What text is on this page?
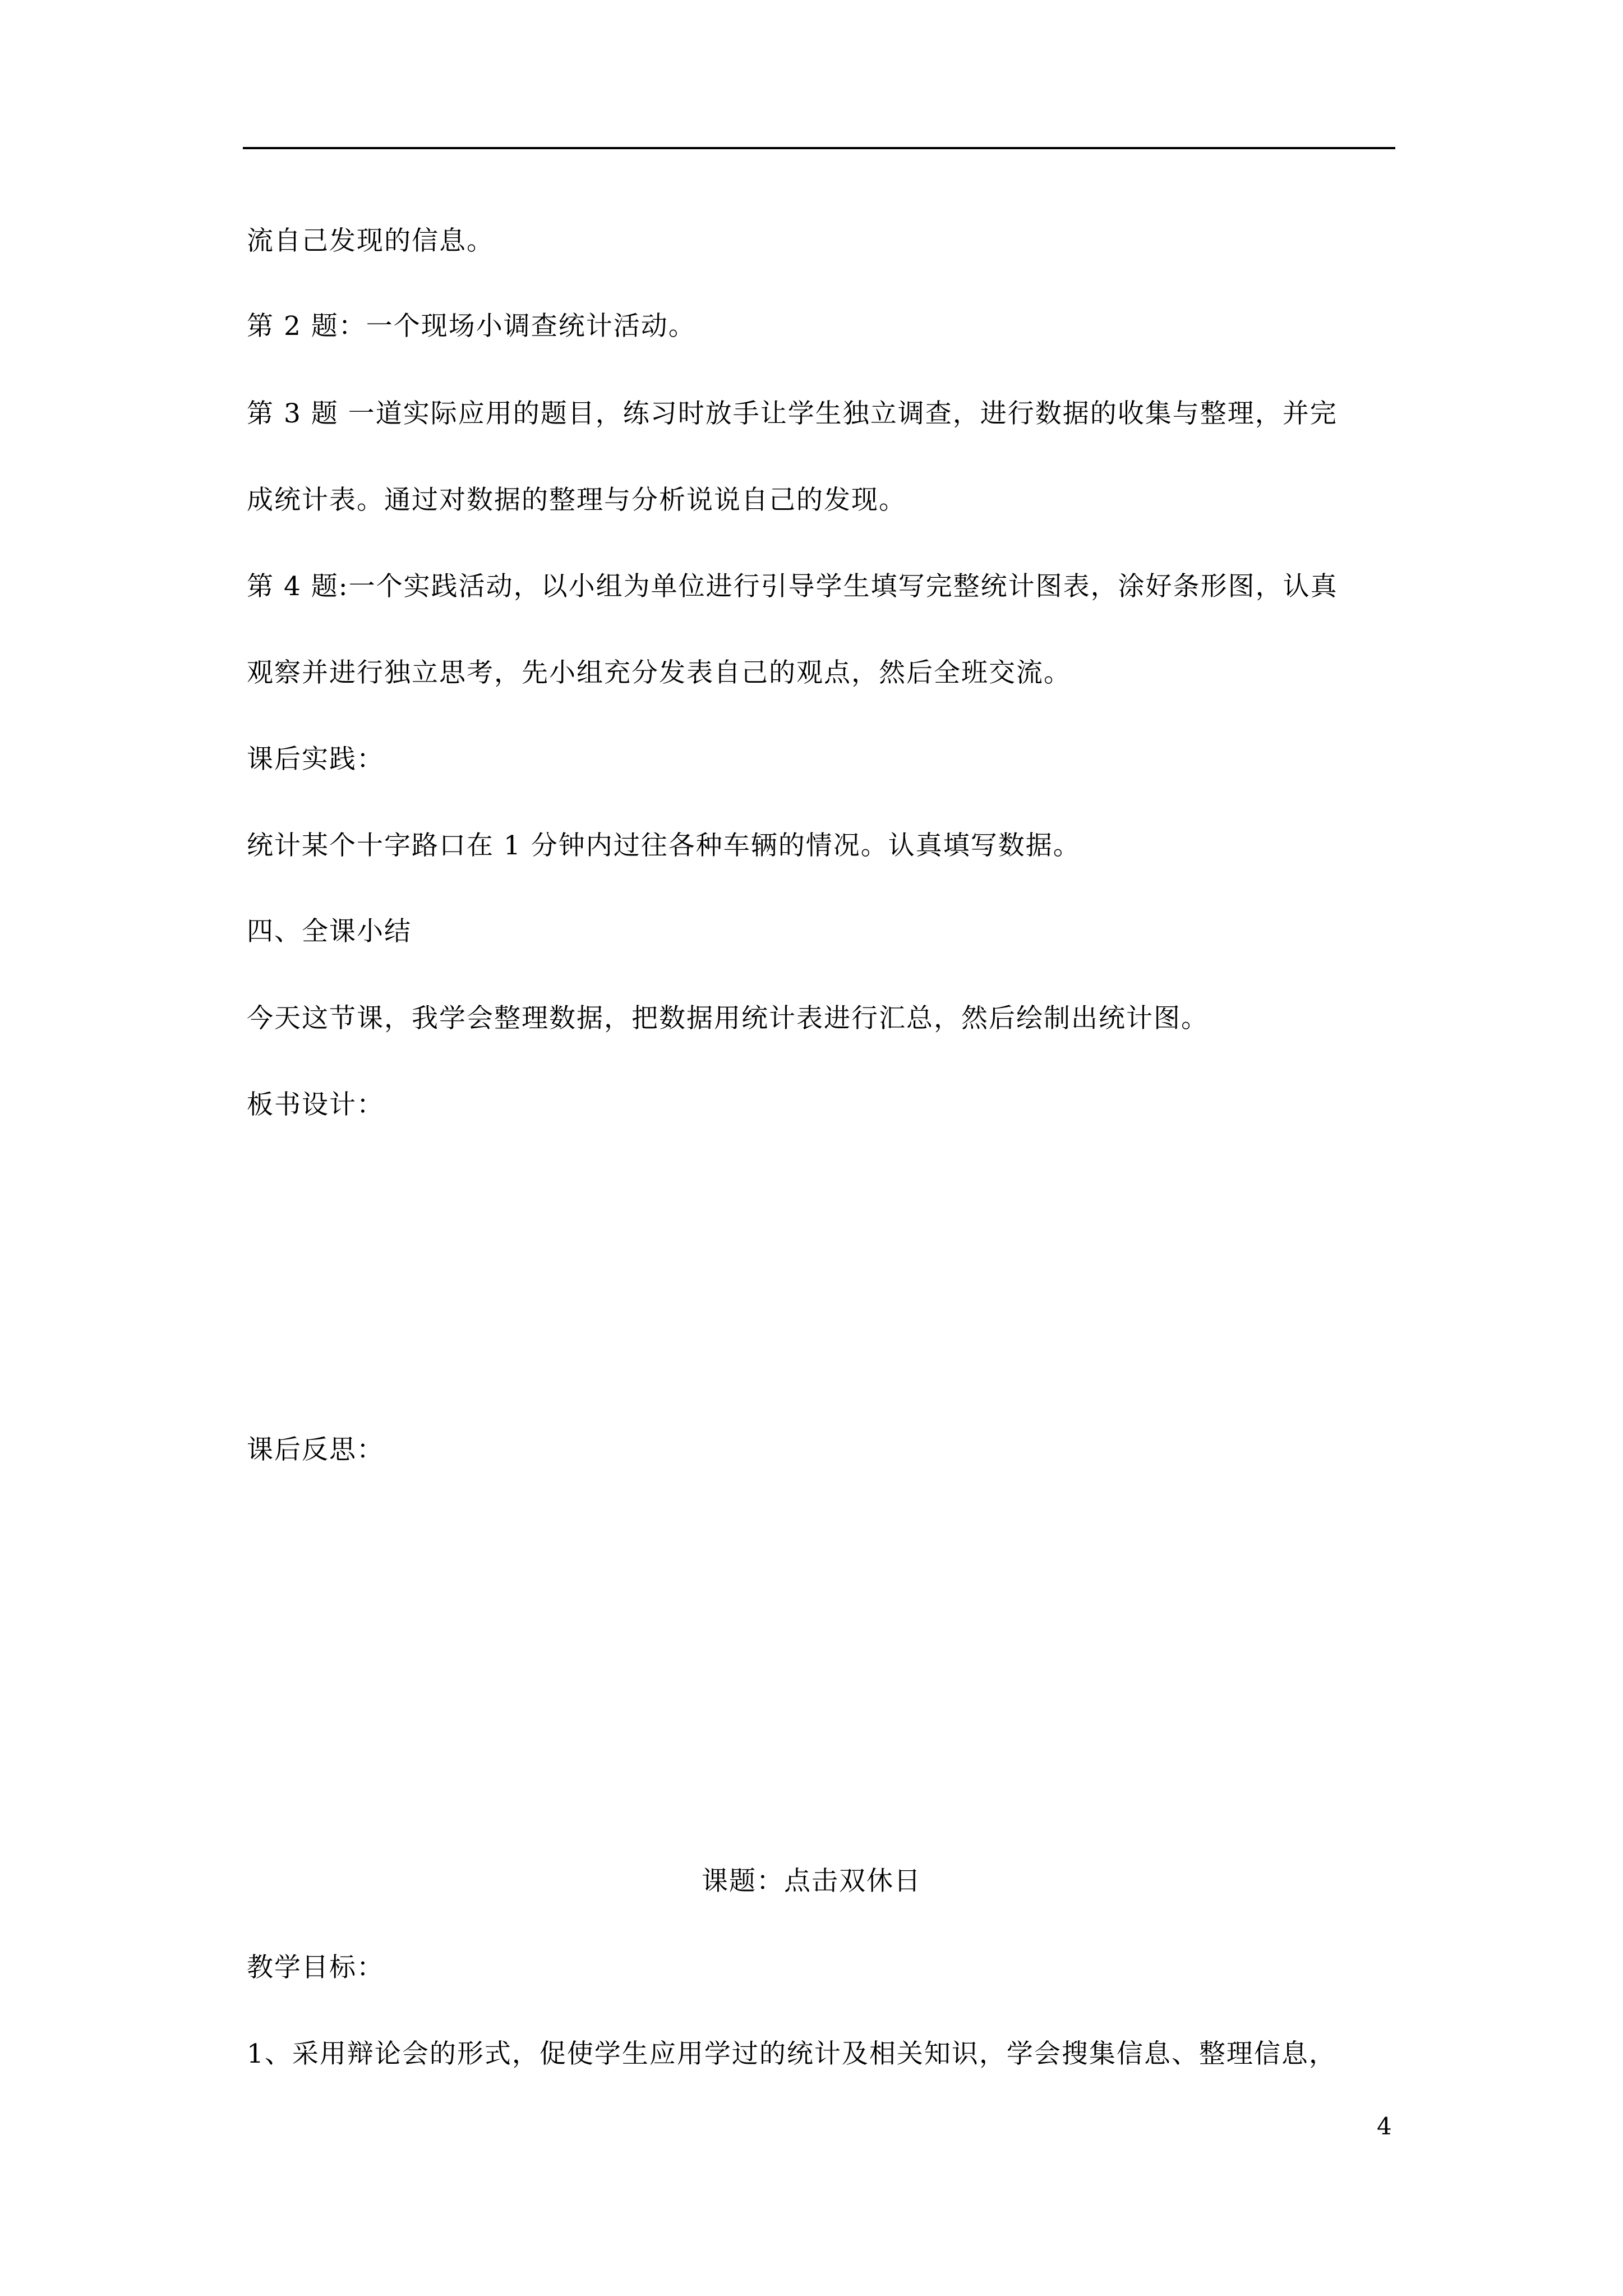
流自己发现的信息。
第 2 题：一个现场小调查统计活动。
第 3 题 一道实际应用的题目，练习时放手让学生独立调查，进行数据的收集与整理，并完
成统计表。通过对数据的整理与分析说说自己的发现。
第 4 题:一个实践活动，以小组为单位进行引导学生填写完整统计图表，涂好条形图，认真
观察并进行独立思考，先小组充分发表自己的观点，然后全班交流。
课后实践：
统计某个十字路口在 1 分钟内过往各种车辆的情况。认真填写数据。
四、全课小结
今天这节课，我学会整理数据，把数据用统计表进行汇总，然后绘制出统计图。
板书设计：
课后反思：
课题：点击双休日
教学目标：
1、采用辩论会的形式，促使学生应用学过的统计及相关知识，学会搜集信息、整理信息，
4
